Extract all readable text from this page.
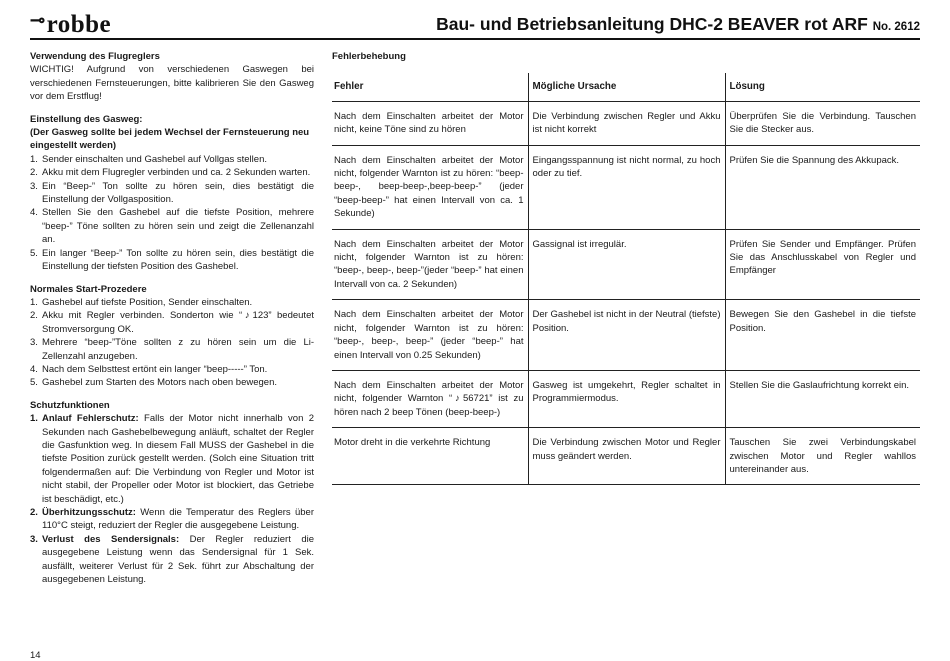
⊸robbe	Bau- und Betriebsanleitung DHC-2 BEAVER rot ARF No. 2612
Verwendung des Flugreglers

WICHTIG! Aufgrund von verschiedenen Gaswegen bei verschiedenen Fernsteuerungen, bitte kalibrieren Sie den Gasweg vor dem Erstflug!

Einstellung des Gasweg:
(Der Gasweg sollte bei jedem Wechsel der Fernsteuerung neu eingestellt werden)
1. Sender einschalten und Gashebel auf Vollgas stellen.
2. Akku mit dem Flugregler verbinden und ca. 2 Sekunden warten.
3. Ein “Beep-” Ton sollte zu hören sein, dies bestätigt die Einstellung der Vollgasposition.
4. Stellen Sie den Gashebel auf die tiefste Position, mehrere “beep-” Töne sollten zu hören sein und zeigt die Zellenanzahl an.
5. Ein langer “Beep-” Ton sollte zu hören sein, dies bestätigt die Einstellung der tiefsten Position des Gashebel.
Normales Start-Prozedere
1. Gashebel auf tiefste Position, Sender einschalten.
2. Akku mit Regler verbinden. Sonderton wie “♪123” bedeutet Stromversorgung OK.
3. Mehrere “beep-”Töne sollten z zu hören sein um die Li-Zellenzahl anzugeben.
4. Nach dem Selbsttest ertönt ein langer “beep-----” Ton.
5. Gashebel zum Starten des Motors nach oben bewegen.
Schutzfunktionen
1. Anlauf Fehlerschutz: Falls der Motor nicht innerhalb von 2 Sekunden nach Gashebelbewegung anläuft, schaltet der Regler die Gasfunktion weg. In diesem Fall MUSS der Gashebel in die tiefste Position zurück gestellt werden. (Solch eine Situation tritt folgendermaßen auf: Die Verbindung von Regler und Motor ist nicht stabil, der Propeller oder Motor ist blockiert, das Getriebe ist beschädigt, etc.)
2. Überhitzungsschutz: Wenn die Temperatur des Reglers über 110°C steigt, reduziert der Regler die ausgegebene Leistung.
3. Verlust des Sendersignals: Der Regler reduziert die ausgegebene Leistung wenn das Sendersignal für 1 Sek. ausfällt, weiterer Verlust für 2 Sek. führt zur Abschaltung der ausgegebenen Leistung.
Fehlerbehebung
Fehler	Mögliche Ursache	Lösung
Nach dem Einschalten arbeitet der Motor nicht, keine Töne sind zu hören	Die Verbindung zwischen Regler und Akku ist nicht korrekt	Überprüfen Sie die Verbindung. Tauschen Sie die Stecker aus.
Nach dem Einschalten arbeitet der Motor nicht, folgender Warnton ist zu hören: “beep-beep-, beep-beep-,beep-beep-” (jeder “beep-beep-” hat einen Intervall von ca. 1 Sekunde)	Eingangsspannung ist nicht normal, zu hoch oder zu tief.	Prüfen Sie die Spannung des Akkupack.
Nach dem Einschalten arbeitet der Motor nicht, folgender Warnton ist zu hören: “beep-, beep-, beep-”(jeder “beep-” hat einen Intervall von ca. 2 Sekunden)	Gassignal ist irregulär.	Prüfen Sie Sender und Empfänger. Prüfen Sie das Anschlusskabel von Regler und Empfänger
Nach dem Einschalten arbeitet der Motor nicht, folgender Warnton ist zu hören: “beep-, beep-, beep-” (jeder “beep-” hat einen Intervall von 0.25 Sekunden)	Der Gashebel ist nicht in der Neutral (tiefste) Position.	Bewegen Sie den Gashebel in die tiefste Position.
Nach dem Einschalten arbeitet der Motor nicht, folgender Warnton “♪56721” ist zu hören nach 2 beep Tönen (beep-beep-)	Gasweg ist umgekehrt, Regler schaltet in Programmiermodus.	Stellen Sie die Gaslaufrichtung korrekt ein.
Motor dreht in die verkehrte Richtung	Die Verbindung zwischen Motor und Regler muss geändert werden.	Tauschen Sie zwei Verbindungskabel zwischen Motor und Regler wahllos untereinander aus.
14
